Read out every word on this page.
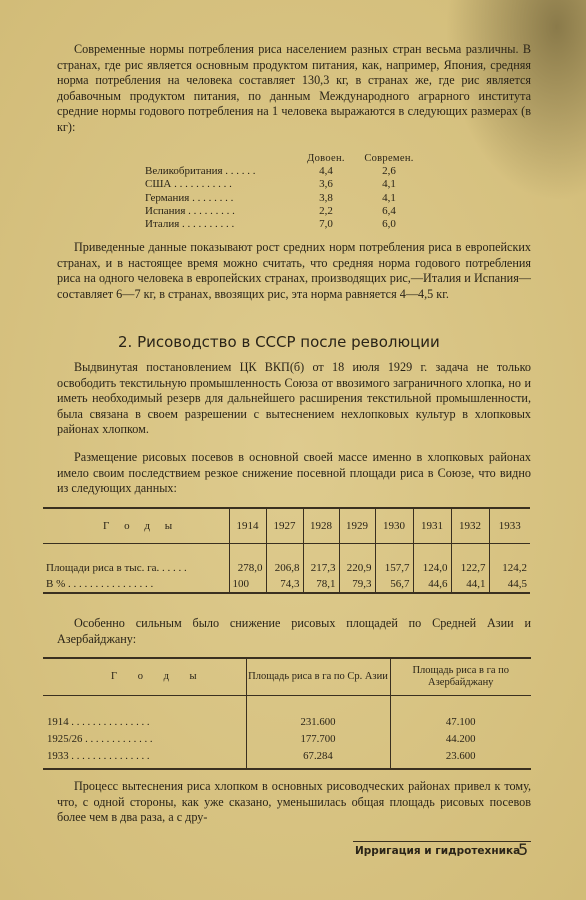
Современные нормы потребления риса населением разных стран весьма различны. В странах, где рис является основным продуктом питания, как, например, Япония, средняя норма потребления на человека составляет 130,3 кг, в странах же, где рис является добавочным продуктом питания, по данным Международного аграрного института средние нормы годового потребления на 1 человека выражаются в следующих размерах (в кг):

Довоен.	Современ.
Великобритания . . . . . .	4,4	2,6
США . . . . . . . . . . .	3,6	4,1
Германия . . . . . . . .	3,8	4,1
Испания . . . . . . . . .	2,2	6,4
Италия . . . . . . . . . .	7,0	6,0

Приведенные данные показывают рост средних норм потребления риса в европейских странах, и в настоящее время можно считать, что средняя норма годового потребления риса на одного человека в европейских странах, производящих рис,—Италия и Испания—составляет 6—7 кг, в странах, ввозящих рис, эта норма равняется 4—4,5 кг.

2. Рисоводство в СССР после революции

Выдвинутая постановлением ЦК ВКП(б) от 18 июля 1929 г. задача не только освободить текстильную промышленность Союза от ввозимого заграничного хлопка, но и иметь необходимый резерв для дальнейшего расширения текстильной промышленности, была связана в своем разрешении с вытеснением нехлопковых культур в хлопковых районах хлопком.

Размещение рисовых посевов в основной своей массе именно в хлопковых районах имело своим последствием резкое снижение посевной площади риса в Союзе, что видно из следующих данных:

Г о д ы	1914	1927	1928	1929	1930	1931	1932	1933

Площади риса в тыс. га. . . . . .	278,0	206,8	217,3	220,9	157,7	124,0	122,7	124,2
В % . . . . . . . . . . . . . . . .	100	74,3	78,1	79,3	56,7	44,6	44,1	44,5

Особенно сильным было снижение рисовых площадей по Средней Азии и Азербайджану:

Г о д ы	Площадь риса в га по Ср. Азии	Площадь риса в га по Азербайджану

1914 . . . . . . . . . . . . . . .	231.600	47.100
1925/26 . . . . . . . . . . . . .	177.700	44.200
1933 . . . . . . . . . . . . . . .	67.284	23.600

Процесс вытеснения риса хлопком в основных рисоводческих районах привел к тому, что, с одной стороны, как уже сказано, уменьшилась общая площадь рисовых посевов более чем в два раза, а с дру-

Ирригация и гидротехника
5
